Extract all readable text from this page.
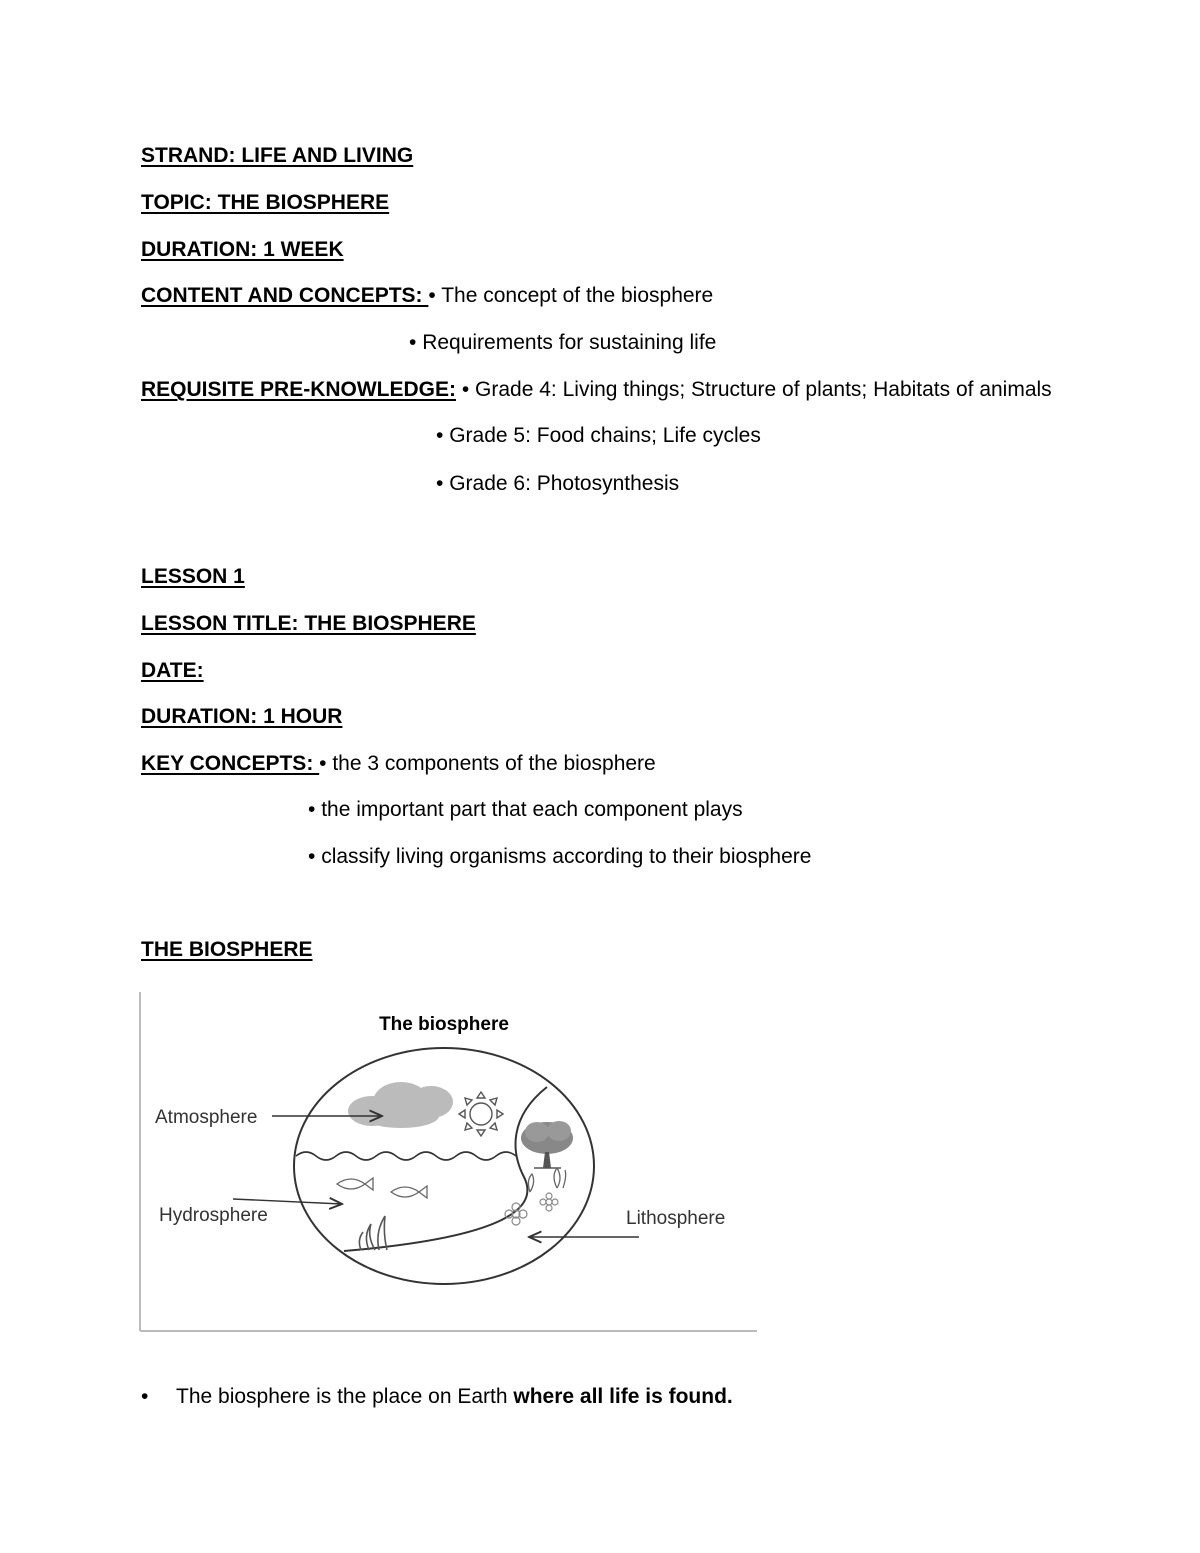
STRAND: LIFE AND LIVING
TOPIC: THE BIOSPHERE
DURATION: 1 WEEK
CONTENT AND CONCEPTS: • The concept of the biosphere
• Requirements for sustaining life
REQUISITE PRE-KNOWLEDGE: • Grade 4: Living things; Structure of plants; Habitats of animals
• Grade 5: Food chains; Life cycles
• Grade 6: Photosynthesis
LESSON 1
LESSON TITLE: THE BIOSPHERE
DATE:
DURATION: 1 HOUR
KEY CONCEPTS: • the 3 components of the biosphere
• the important part that each component plays
• classify living organisms according to their biosphere
THE BIOSPHERE
The biosphere
Atmosphere
Hydrosphere	Lithosphere
• The biosphere is the place on Earth where all life is found.
